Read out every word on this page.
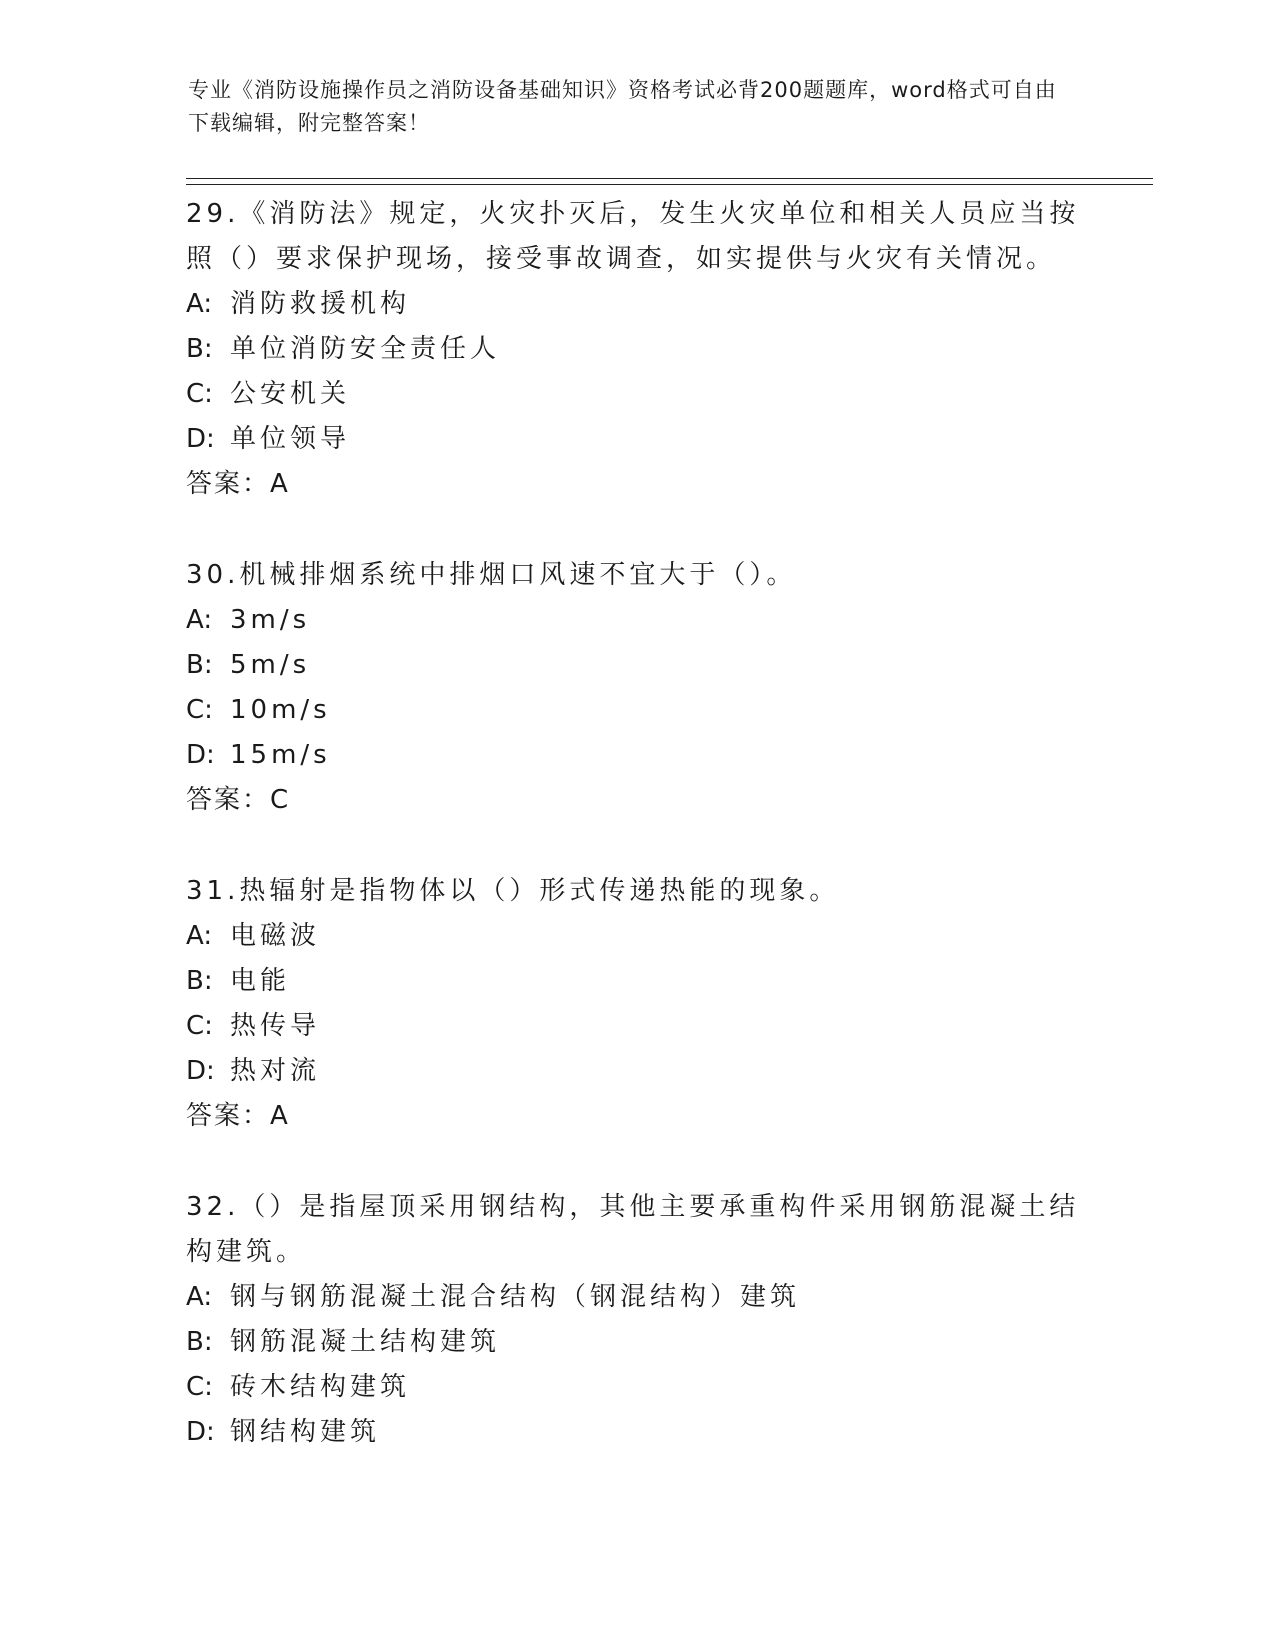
专业《消防设施操作员之消防设备基础知识》资格考试必背200题题库，word格式可自由下载编辑，附完整答案！

29.《消防法》规定，火灾扑灭后，发生火灾单位和相关人员应当按照（）要求保护现场，接受事故调查，如实提供与火灾有关情况。

A: 消防救援机构

B: 单位消防安全责任人

C: 公安机关

D: 单位领导

答案：A

30.机械排烟系统中排烟口风速不宜大于（）。

A: 3m/s

B: 5m/s

C: 10m/s

D: 15m/s

答案：C

31.热辐射是指物体以（）形式传递热能的现象。

A: 电磁波

B: 电能

C: 热传导

D: 热对流

答案：A

32.（）是指屋顶采用钢结构，其他主要承重构件采用钢筋混凝土结构建筑。

A: 钢与钢筋混凝土混合结构（钢混结构）建筑

B: 钢筋混凝土结构建筑

C: 砖木结构建筑

D: 钢结构建筑
